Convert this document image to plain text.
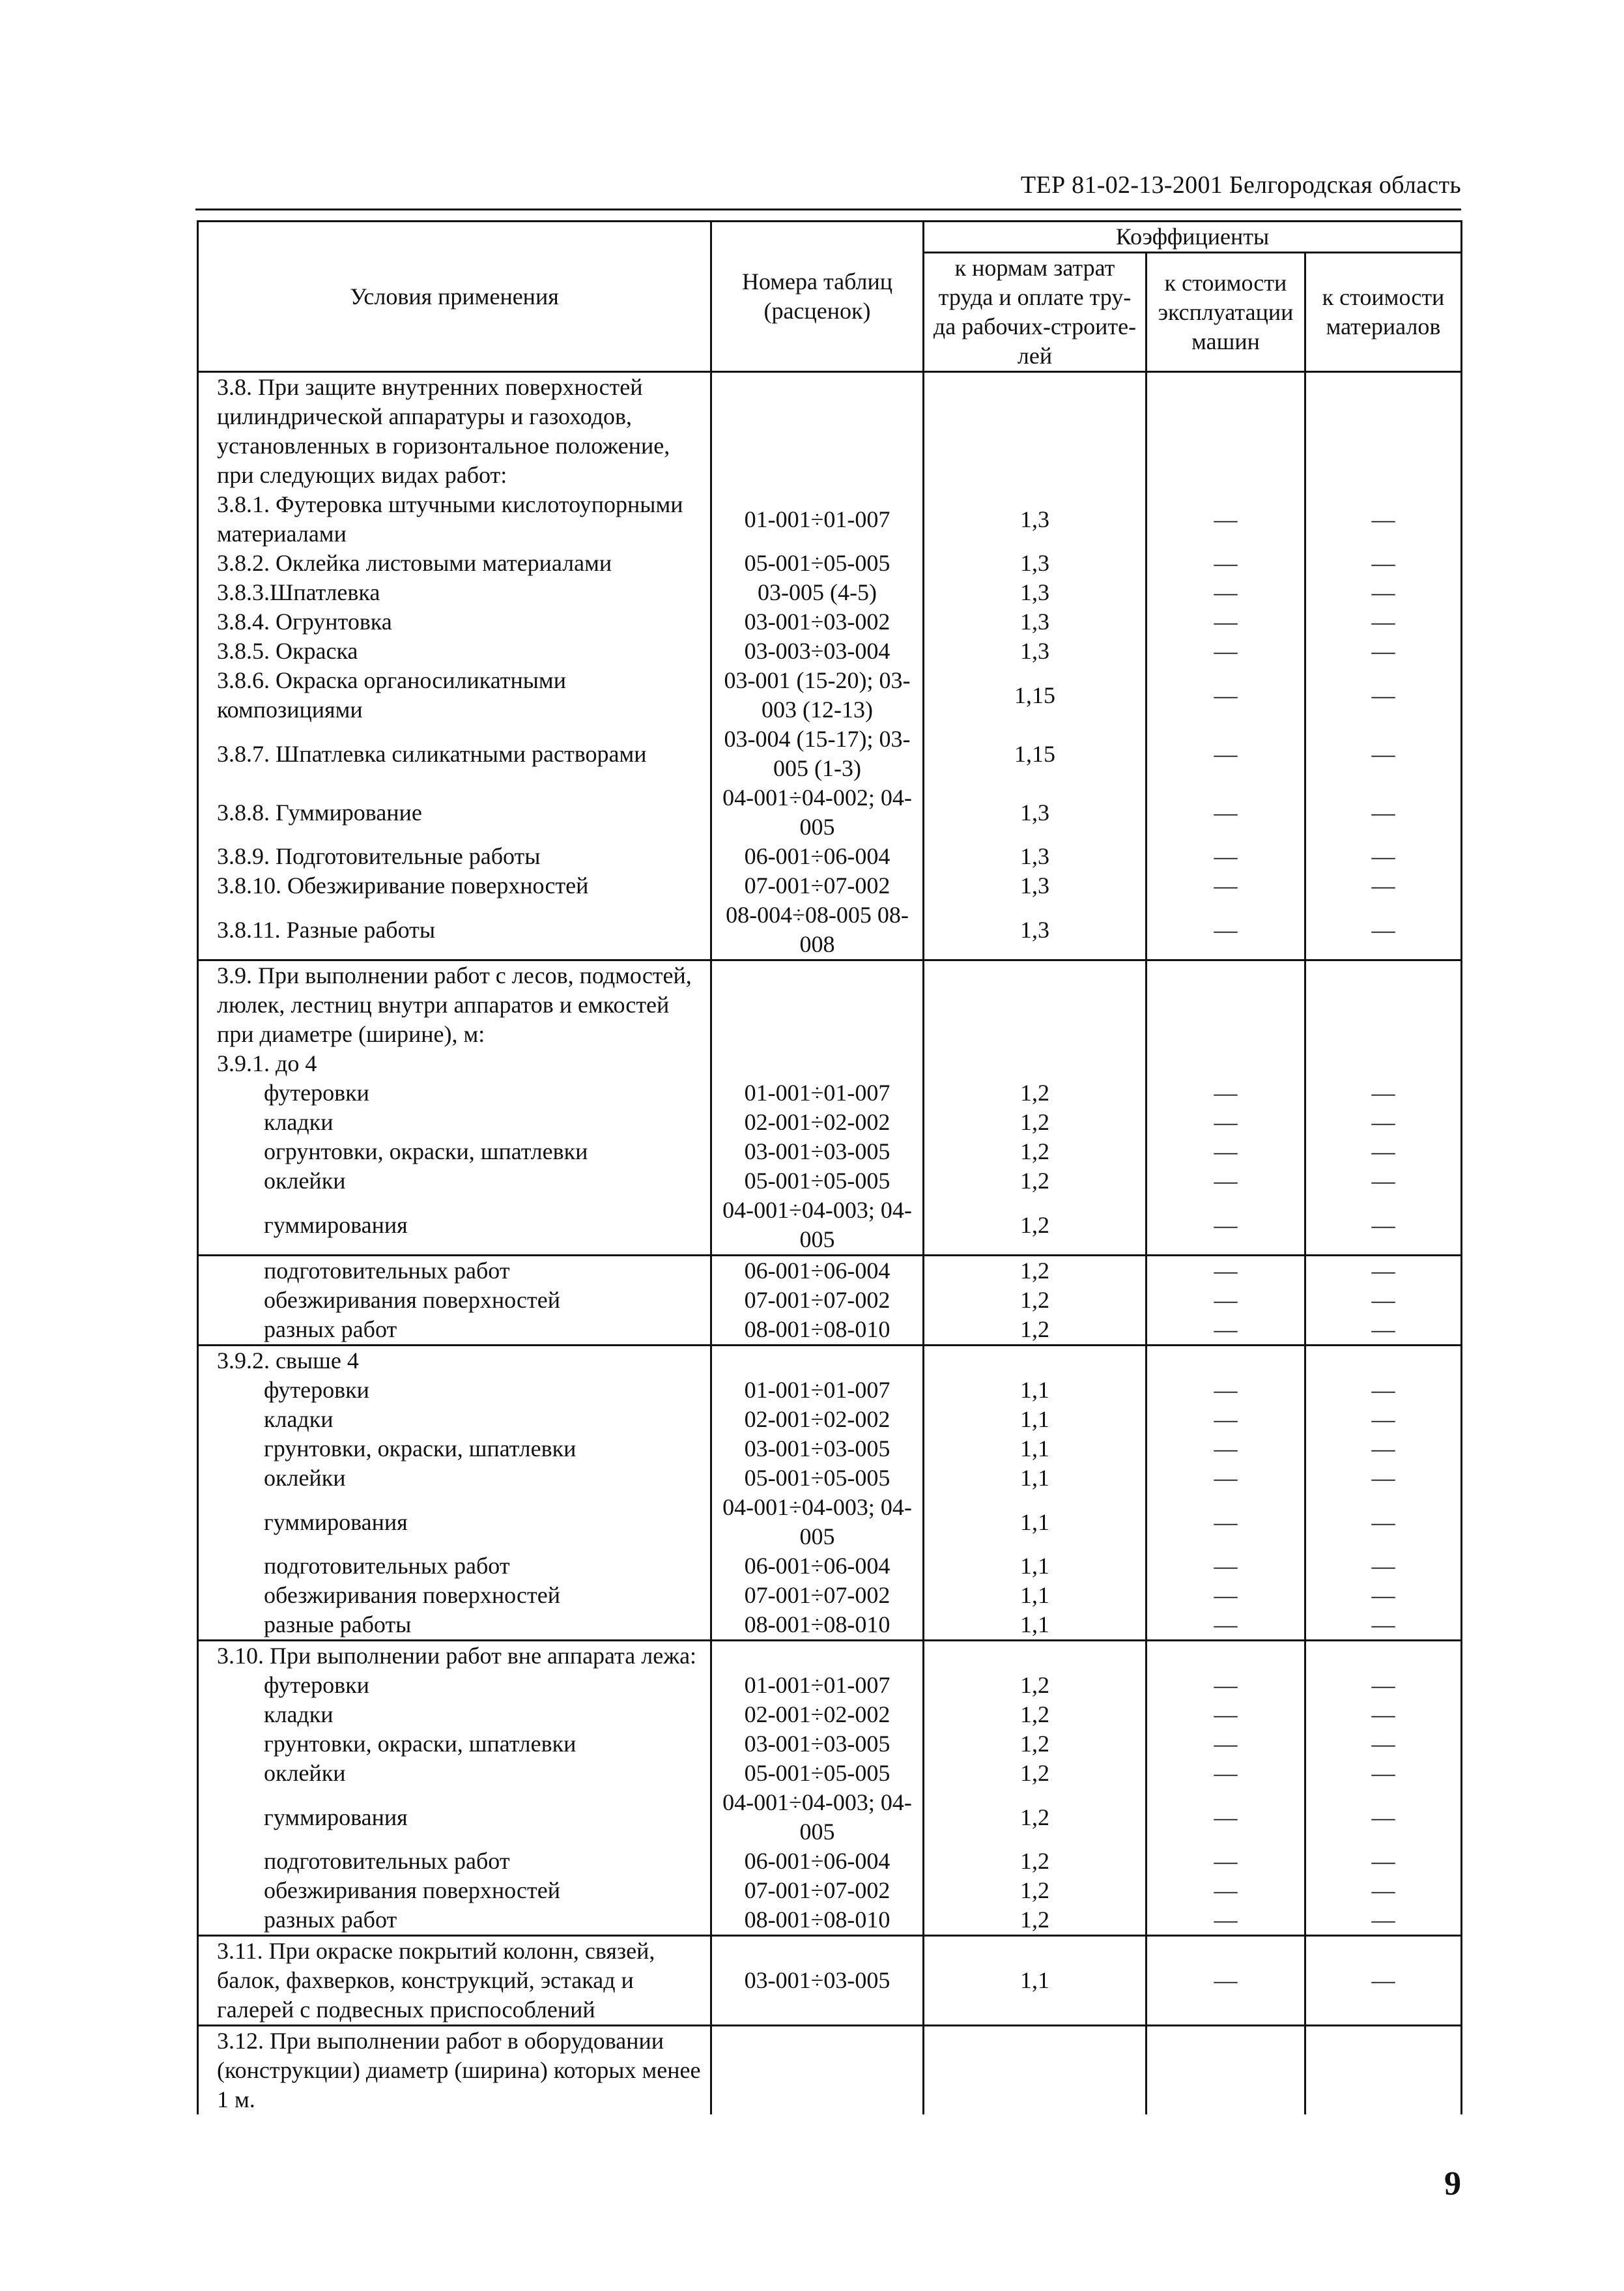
ТЕР 81-02-13-2001 Белгородская область
Условия применения	Номера таблиц (расценок)	Коэффициенты		
		к нормам затрат труда и оплате тру-да рабочих-строите-лей	к стоимости эксплуатации машин	к стоимости материалов
3.8. При защите внутренних поверхностей цилиндрической аппаратуры и газоходов, установленных в горизонтальное положение, при следующих видах работ:				
3.8.1. Футеровка штучными кислотоупорными материалами	01-001÷01-007	1,3	—	—
3.8.2. Оклейка листовыми материалами	05-001÷05-005	1,3	—	—
3.8.3.Шпатлевка	03-005 (4-5)	1,3	—	—
3.8.4. Огрунтовка	03-001÷03-002	1,3	—	—
3.8.5. Окраска	03-003÷03-004	1,3	—	—
3.8.6. Окраска органосиликатными композициями	03-001 (15-20); 03-003 (12-13)	1,15	—	—
3.8.7. Шпатлевка силикатными растворами	03-004 (15-17); 03-005 (1-3)	1,15	—	—
3.8.8. Гуммирование	04-001÷04-002; 04-005	1,3	—	—
3.8.9. Подготовительные работы	06-001÷06-004	1,3	—	—
3.8.10. Обезжиривание поверхностей	07-001÷07-002	1,3	—	—
3.8.11. Разные работы	08-004÷08-005 08-008	1,3	—	—
3.9. При выполнении работ с лесов, подмостей, люлек, лестниц внутри аппаратов и емкостей при диаметре (ширине), м:				
3.9.1. до 4				
футеровки	01-001÷01-007	1,2	—	—
кладки	02-001÷02-002	1,2	—	—
огрунтовки, окраски, шпатлевки	03-001÷03-005	1,2	—	—
оклейки	05-001÷05-005	1,2	—	—
гуммирования	04-001÷04-003; 04-005	1,2	—	—
подготовительных работ	06-001÷06-004	1,2	—	—
обезжиривания поверхностей	07-001÷07-002	1,2	—	—
разных работ	08-001÷08-010	1,2	—	—
3.9.2. свыше 4				
футеровки	01-001÷01-007	1,1	—	—
кладки	02-001÷02-002	1,1	—	—
грунтовки, окраски, шпатлевки	03-001÷03-005	1,1	—	—
оклейки	05-001÷05-005	1,1	—	—
гуммирования	04-001÷04-003; 04-005	1,1	—	—
подготовительных работ	06-001÷06-004	1,1	—	—
обезжиривания поверхностей	07-001÷07-002	1,1	—	—
разные работы	08-001÷08-010	1,1	—	—
3.10. При выполнении работ вне аппарата лежа:				
футеровки	01-001÷01-007	1,2	—	—
кладки	02-001÷02-002	1,2	—	—
грунтовки, окраски, шпатлевки	03-001÷03-005	1,2	—	—
оклейки	05-001÷05-005	1,2	—	—
гуммирования	04-001÷04-003; 04-005	1,2	—	—
подготовительных работ	06-001÷06-004	1,2	—	—
обезжиривания поверхностей	07-001÷07-002	1,2	—	—
разных работ	08-001÷08-010	1,2	—	—
3.11. При окраске покрытий колонн, связей, балок, фахверков, конструкций, эстакад и галерей с подвесных приспособлений	03-001÷03-005	1,1	—	—
3.12. При выполнении работ в оборудовании (конструкции) диаметр (ширина) которых менее 1 м.				
9
